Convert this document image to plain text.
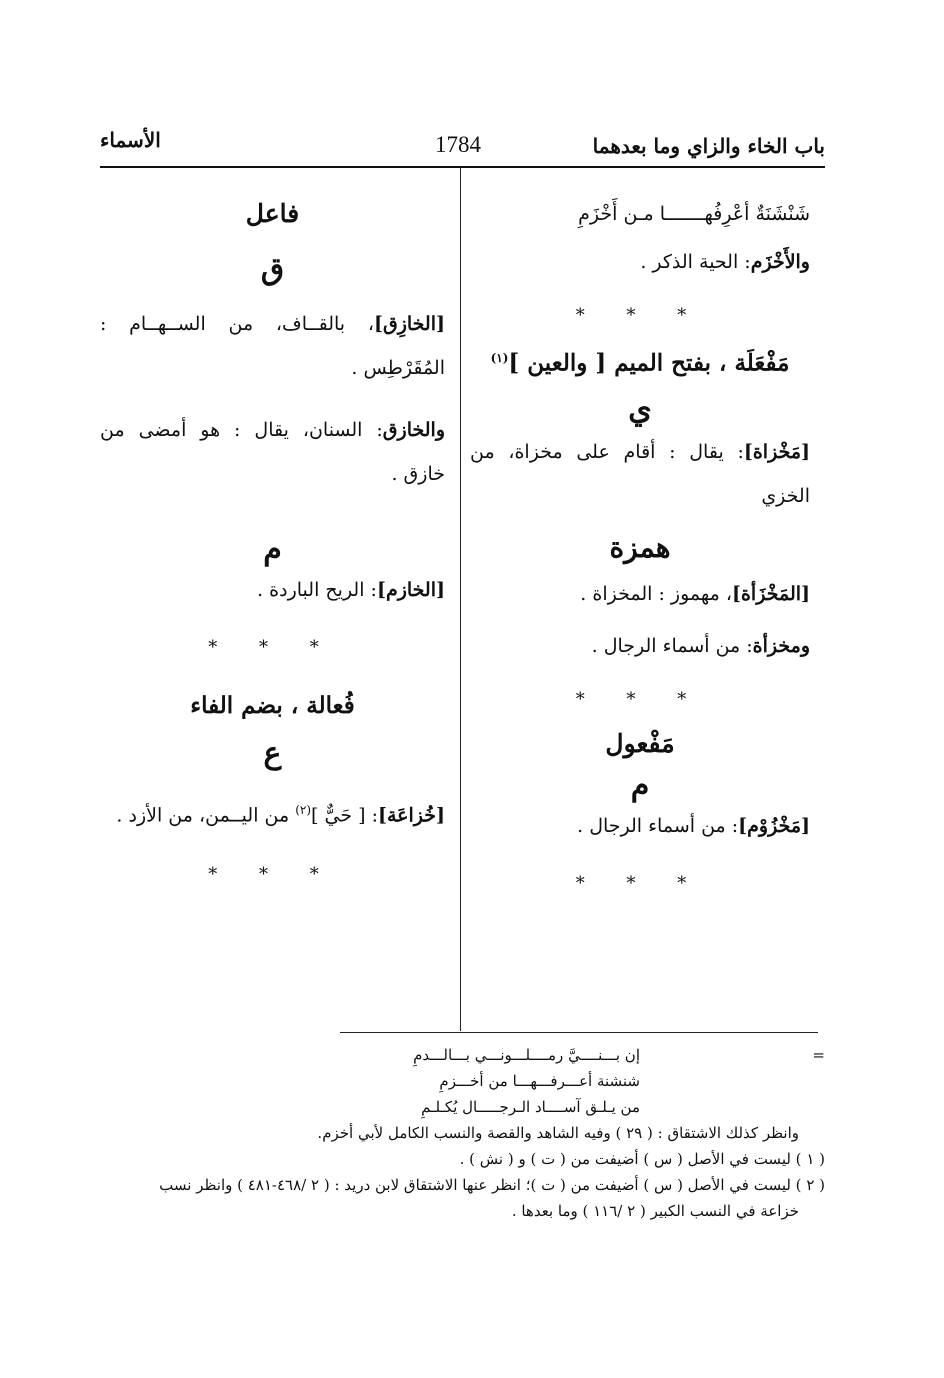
باب الخاء والزاي وما بعدهما
1784
الأسماء

شَنْشَنَةٌ أعْرِفُهـــــــا مـن أَخْزَمِ

والأَخْزَم: الحية الذكر .

* * *

مَفْعَلَة ، بفتح الميم [ والعين ]$^{(١)}$

ي

[مَخْزاة]: يقال : أقام على مخزاة، من الخزي

همزة

[المَخْزَأة]، مهموز : المخزاة .

ومخزأة: من أسماء الرجال .

* * *

مَفْعول

م

[مَخْزُوْم]: من أسماء الرجال .

* * *

فاعل

ق

[الخازِق]، بالقــاف، من الســهــام : المُقَرْطِس .

والخازق: السنان، يقال : هو أمضى من خازق .

م

[الخازم]: الريح الباردة .

* * *

فُعالة ، بضم الفاء

ع

[خُزاعَة]: [ حَيٌّ ]$^{(٢)}$ من اليــمن، من الأزد .

* * *

=

إن بـــنــــيَّ رمــــلـــونـــي بـــالـــدمِ

شنشنة أعـــرفـــهـــا من أخـــزمِ

من يـلـق آســــاد الـرجـــــال يُكـلـمِ

وانظر كذلك الاشتقاق : ( ٢٩ ) وفيه الشاهد والقصة والنسب الكامل لأبي أخزم.

( ١ ) ليست في الأصل ( س ) أضيفت من ( ت ) و ( نش ) .

( ٢ ) ليست في الأصل ( س ) أضيفت من ( ت )؛ انظر عنها الاشتقاق لابن دريد : ( ٢ /٤٦٨-٤٨١ ) وانظر نسب

خزاعة في النسب الكبير ( ٢ /١١٦ ) وما بعدها .
